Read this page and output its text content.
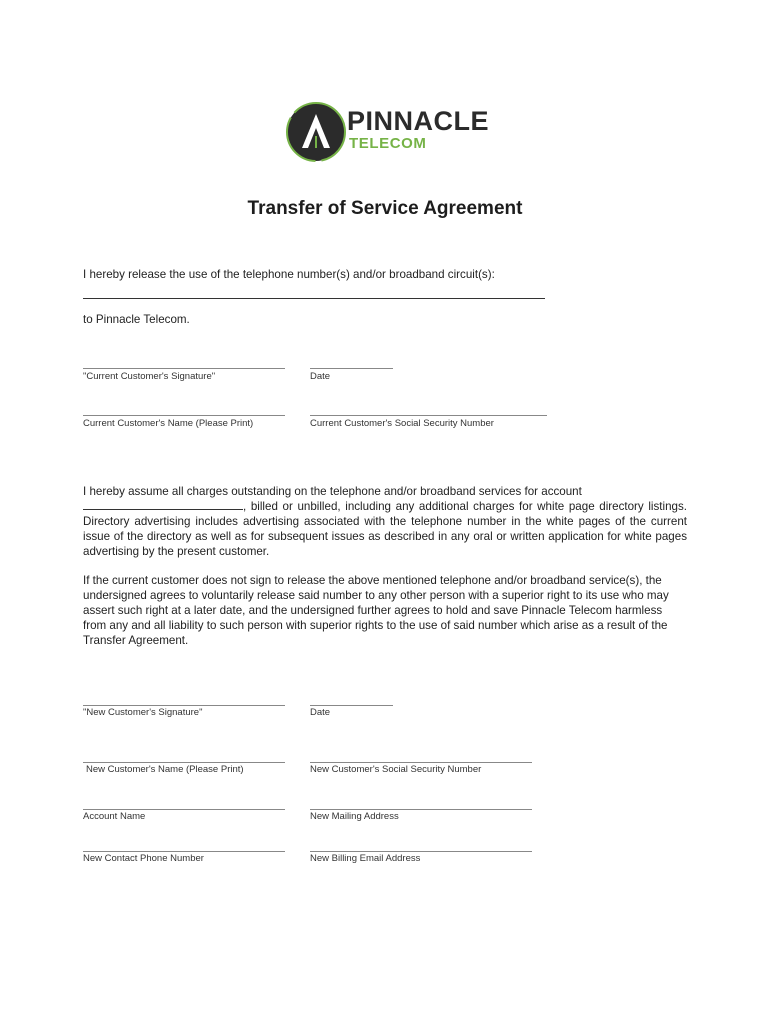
PINNACLE
TELECOM
Transfer of Service Agreement
I hereby release the use of the telephone number(s) and/or broadband circuit(s):
to Pinnacle Telecom.
"Current Customer's Signature"	Date
Current Customer's Name (Please Print)	Current Customer's Social Security Number
I hereby assume all charges outstanding on the telephone and/or broadband services for account
, billed or unbilled, including any additional charges for white page directory listings. Directory advertising includes advertising associated with the telephone number in the white pages of the current issue of the directory as well as for subsequent issues as described in any oral or written application for white pages advertising by the present customer.
If the current customer does not sign to release the above mentioned telephone and/or broadband service(s), the undersigned agrees to voluntarily release said number to any other person with a superior right to its use who may assert such right at a later date, and the undersigned further agrees to hold and save Pinnacle Telecom harmless from any and all liability to such person with superior rights to the use of said number which arise as a result of the Transfer Agreement.
"New Customer's Signature"	Date
New Customer's Name (Please Print)	New Customer's Social Security Number
Account Name	New Mailing Address
New Contact Phone Number	New Billing Email Address
